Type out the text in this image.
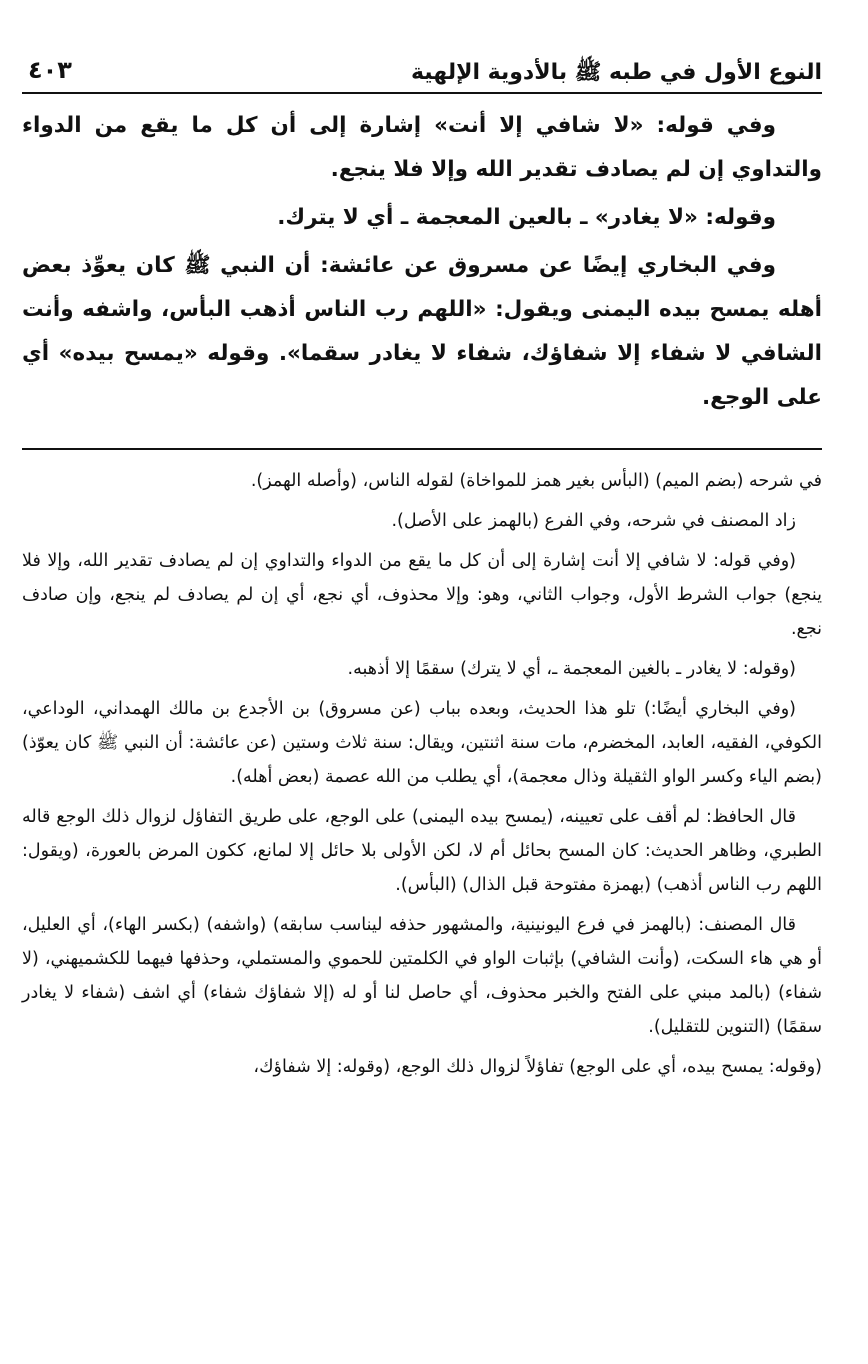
النوع الأول في طبه ﷺ بالأدوية الإلهية
٤٠٣

وفي قوله: «لا شافي إلا أنت» إشارة إلى أن كل ما يقع من الدواء والتداوي إن لم يصادف تقدير الله وإلا فلا ينجع.

وقوله: «لا يغادر» ـ بالعين المعجمة ـ أي لا يترك.

وفي البخاري إيضًا عن مسروق عن عائشة: أن النبي ﷺ كان يعوِّذ بعض أهله يمسح بيده اليمنى ويقول: «اللهم رب الناس أذهب البأس، واشفه وأنت الشافي لا شفاء إلا شفاؤك، شفاء لا يغادر سقما». وقوله «يمسح بيده» أي على الوجع.

في شرحه (بضم الميم) (البأس بغير همز للمواخاة) لقوله الناس، (وأصله الهمز).

زاد المصنف في شرحه، وفي الفرع (بالهمز على الأصل).

(وفي قوله: لا شافي إلا أنت إشارة إلى أن كل ما يقع من الدواء والتداوي إن لم يصادف تقدير الله، وإلا فلا ينجع) جواب الشرط الأول، وجواب الثاني، وهو: وإلا محذوف، أي نجع، أي إن لم يصادف لم ينجع، وإن صادف نجع.

(وقوله: لا يغادر ـ بالغين المعجمة ـ، أي لا يترك) سقمًا إلا أذهبه.

(وفي البخاري أيضًا:) تلو هذا الحديث، وبعده بباب (عن مسروق) بن الأجدع بن مالك الهمداني، الوداعي، الكوفي، الفقيه، العابد، المخضرم، مات سنة اثنتين، ويقال: سنة ثلاث وستين (عن عائشة: أن النبي ﷺ كان يعوّذ) (بضم الياء وكسر الواو الثقيلة وذال معجمة)، أي يطلب من الله عصمة (بعض أهله).

قال الحافظ: لم أقف على تعيينه، (يمسح بيده اليمنى) على الوجع، على طريق التفاؤل لزوال ذلك الوجع قاله الطبري، وظاهر الحديث: كان المسح بحائل أم لا، لكن الأولى بلا حائل إلا لمانع، ككون المرض بالعورة، (ويقول: اللهم رب الناس أذهب) (بهمزة مفتوحة قبل الذال) (البأس).

قال المصنف: (بالهمز في فرع اليونينية، والمشهور حذفه ليناسب سابقه) (واشفه) (بكسر الهاء)، أي العليل، أو هي هاء السكت، (وأنت الشافي) بإثبات الواو في الكلمتين للحموي والمستملي، وحذفها فيهما للكشميهني، (لا شفاء) (بالمد مبني على الفتح والخبر محذوف، أي حاصل لنا أو له (إلا شفاؤك شفاء) أي اشف (شفاء لا يغادر سقمًا) (التنوين للتقليل).

(وقوله: يمسح بيده، أي على الوجع) تفاؤلاً لزوال ذلك الوجع، (وقوله: إلا شفاؤك،
